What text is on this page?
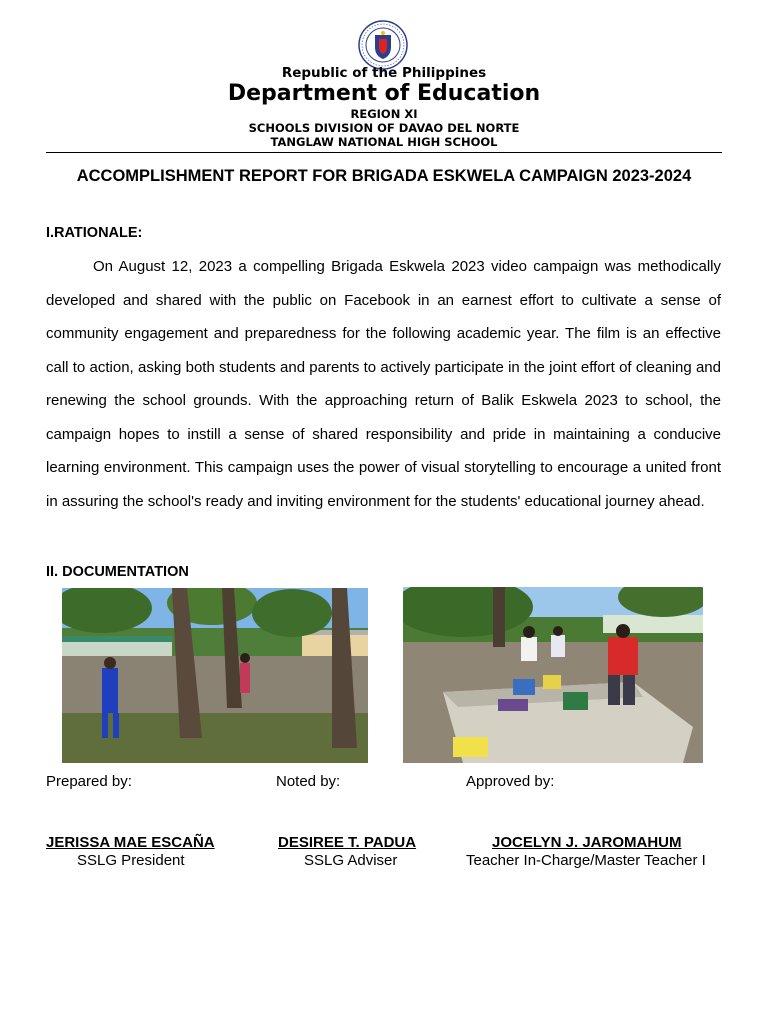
Republic of the Philippines
Department of Education
REGION XI
SCHOOLS DIVISION OF DAVAO DEL NORTE
TANGLAW NATIONAL HIGH SCHOOL
ACCOMPLISHMENT REPORT FOR BRIGADA ESKWELA CAMPAIGN 2023-2024
I.RATIONALE:

On August 12, 2023 a compelling Brigada Eskwela 2023 video campaign was methodically developed and shared with the public on Facebook in an earnest effort to cultivate a sense of community engagement and preparedness for the following academic year. The film is an effective call to action, asking both students and parents to actively participate in the joint effort of cleaning and renewing the school grounds. With the approaching return of Balik Eskwela 2023 to school, the campaign hopes to instill a sense of shared responsibility and pride in maintaining a conducive learning environment. This campaign uses the power of visual storytelling to encourage a united front in assuring the school's ready and inviting environment for the students' educational journey ahead.

II. DOCUMENTATION
Prepared by:	Noted by:	Approved by:
JERISSA MAE ESCAÑA
SSLG President
DESIREE T. PADUA
SSLG Adviser
JOCELYN J. JAROMAHUM
Teacher In-Charge/Master Teacher I
